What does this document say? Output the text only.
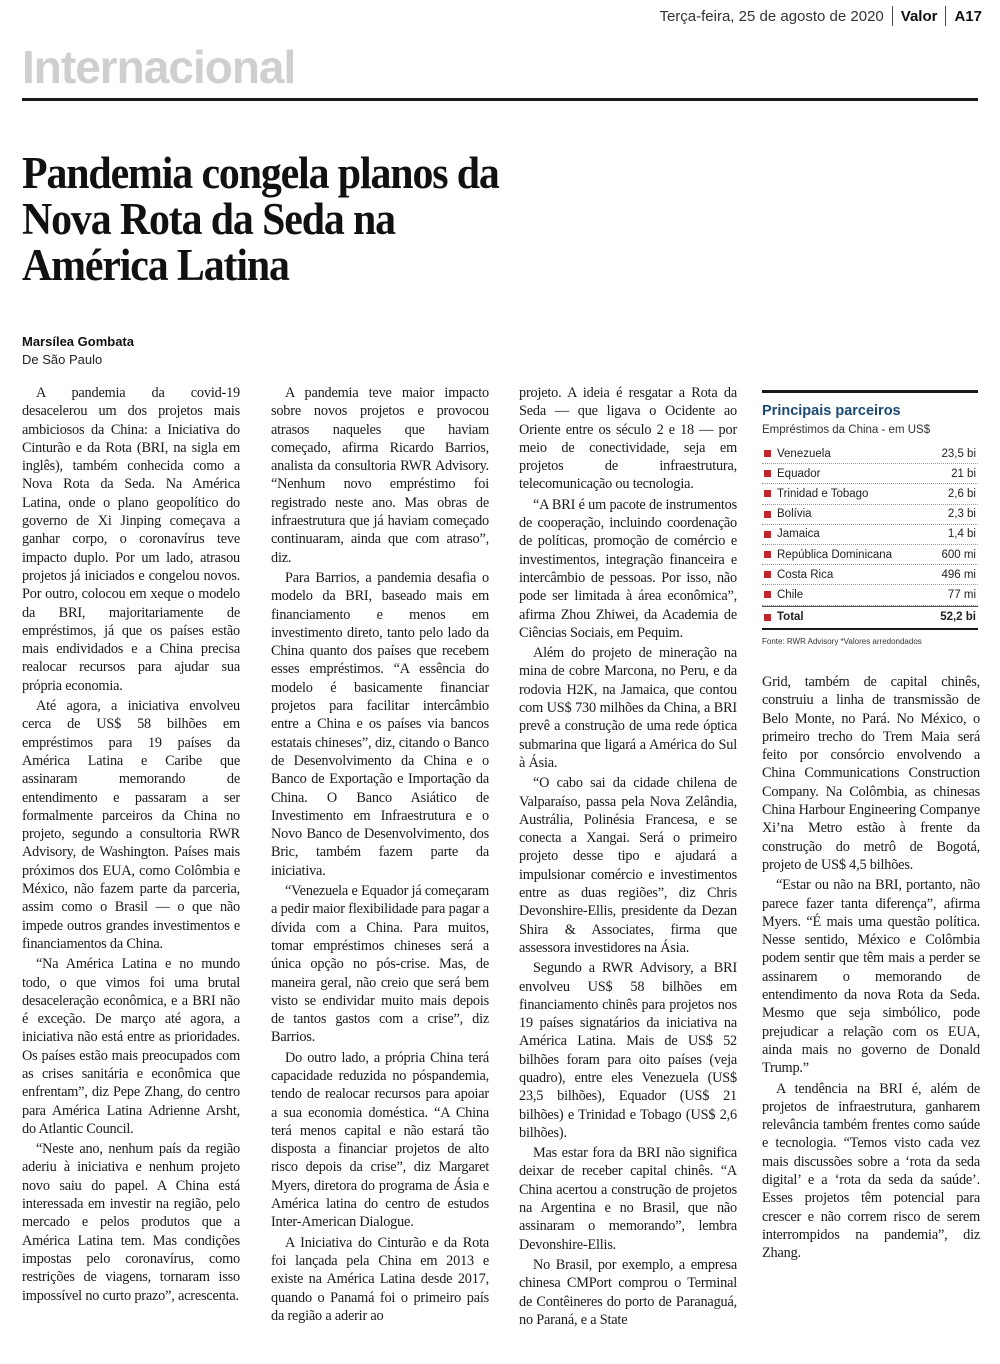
Terça-feira, 25 de agosto de 2020 Valor A17
Internacional
Pandemia congela planos da Nova Rota da Seda na América Latina
Marsílea Gombata
De São Paulo

A pandemia da covid-19 desacelerou um dos projetos mais ambiciosos da China: a Iniciativa do Cinturão e da Rota (BRI, na sigla em inglês), também conhecida como a Nova Rota da Seda. Na América Latina, onde o plano geopolítico do governo de Xi Jinping começava a ganhar corpo, o coronavírus teve impacto duplo. Por um lado, atrasou projetos já iniciados e congelou novos. Por outro, colocou em xeque o modelo da BRI, majoritariamente de empréstimos, já que os países estão mais endividados e a China precisa realocar recursos para ajudar sua própria economia.

Até agora, a iniciativa envolveu cerca de US$ 58 bilhões em empréstimos para 19 países da América Latina e Caribe que assinaram memorando de entendimento e passaram a ser formalmente parceiros da China no projeto, segundo a consultoria RWR Advisory, de Washington. Países mais próximos dos EUA, como Colômbia e México, não fazem parte da parceria, assim como o Brasil — o que não impede outros grandes investimentos e financiamentos da China.

“Na América Latina e no mundo todo, o que vimos foi uma brutal desaceleração econômica, e a BRI não é exceção. De março até agora, a iniciativa não está entre as prioridades. Os países estão mais preocupados com as crises sanitária e econômica que enfrentam”, diz Pepe Zhang, do centro para América Latina Adrienne Arsht, do Atlantic Council.

“Neste ano, nenhum país da região aderiu à iniciativa e nenhum projeto novo saiu do papel. A China está interessada em investir na região, pelo mercado e pelos produtos que a América Latina tem. Mas condições impostas pelo coronavírus, como restrições de viagens, tornaram isso impossível no curto prazo”, acrescenta.

A pandemia teve maior impacto sobre novos projetos e provocou atrasos naqueles que haviam começado, afirma Ricardo Barrios, analista da consultoria RWR Advisory. “Nenhum novo empréstimo foi registrado neste ano. Mas obras de infraestrutura que já haviam começado continuaram, ainda que com atraso”, diz.

Para Barrios, a pandemia desafia o modelo da BRI, baseado mais em financiamento e menos em investimento direto, tanto pelo lado da China quanto dos países que recebem esses empréstimos. “A essência do modelo é basicamente financiar projetos para facilitar intercâmbio entre a China e os países via bancos estatais chineses”, diz, citando o Banco de Desenvolvimento da China e o Banco de Exportação e Importação da China. O Banco Asiático de Investimento em Infraestrutura e o Novo Banco de Desenvolvimento, dos Bric, também fazem parte da iniciativa.

“Venezuela e Equador já começaram a pedir maior flexibilidade para pagar a dívida com a China. Para muitos, tomar empréstimos chineses será a única opção no pós-crise. Mas, de maneira geral, não creio que será bem visto se endividar muito mais depois de tantos gastos com a crise”, diz Barrios.

Do outro lado, a própria China terá capacidade reduzida no póspandemia, tendo de realocar recursos para apoiar a sua economia doméstica. “A China terá menos capital e não estará tão disposta a financiar projetos de alto risco depois da crise”, diz Margaret Myers, diretora do programa de Ásia e América latina do centro de estudos Inter-American Dialogue.

A Iniciativa do Cinturão e da Rota foi lançada pela China em 2013 e existe na América Latina desde 2017, quando o Panamá foi o primeiro país da região a aderir ao

projeto. A ideia é resgatar a Rota da Seda — que ligava o Ocidente ao Oriente entre os século 2 e 18 — por meio de conectividade, seja em projetos de infraestrutura, telecomunicação ou tecnologia.

“A BRI é um pacote de instrumentos de cooperação, incluindo coordenação de políticas, promoção de comércio e investimentos, integração financeira e intercâmbio de pessoas. Por isso, não pode ser limitada à área econômica”, afirma Zhou Zhiwei, da Academia de Ciências Sociais, em Pequim.

Além do projeto de mineração na mina de cobre Marcona, no Peru, e da rodovia H2K, na Jamaica, que contou com US$ 730 milhões da China, a BRI prevê a construção de uma rede óptica submarina que ligará a América do Sul à Ásia.

“O cabo sai da cidade chilena de Valparaíso, passa pela Nova Zelândia, Austrália, Polinésia Francesa, e se conecta a Xangai. Será o primeiro projeto desse tipo e ajudará a impulsionar comércio e investimentos entre as duas regiões”, diz Chris Devonshire-Ellis, presidente da Dezan Shira & Associates, firma que assessora investidores na Ásia.

Segundo a RWR Advisory, a BRI envolveu US$ 58 bilhões em financiamento chinês para projetos nos 19 países signatários da iniciativa na América Latina. Mais de US$ 52 bilhões foram para oito países (veja quadro), entre eles Venezuela (US$ 23,5 bilhões), Equador (US$ 21 bilhões) e Trinidad e Tobago (US$ 2,6 bilhões).

Mas estar fora da BRI não significa deixar de receber capital chinês. “A China acertou a construção de projetos na Argentina e no Brasil, que não assinaram o memorando”, lembra Devonshire-Ellis.

No Brasil, por exemplo, a empresa chinesa CMPort comprou o Terminal de Contêineres do porto de Paranaguá, no Paraná, e a State

Principais parceiros
Empréstimos da China - em US$
Venezuela	23,5 bi
Equador	21 bi
Trinidad e Tobago	2,6 bi
Bolívia	2,3 bi
Jamaica	1,4 bi
República Dominicana	600 mi
Costa Rica	496 mi
Chile	77 mi
Total	52,2 bi
Fonte: RWR Advisory *Valores arredondados

Grid, também de capital chinês, construiu a linha de transmissão de Belo Monte, no Pará. No México, o primeiro trecho do Trem Maia será feito por consórcio envolvendo a China Communications Construction Company. Na Colômbia, as chinesas China Harbour Engineering Companye Xi’na Metro estão à frente da construção do metrô de Bogotá, projeto de US$ 4,5 bilhões.

“Estar ou não na BRI, portanto, não parece fazer tanta diferença”, afirma Myers. “É mais uma questão política. Nesse sentido, México e Colômbia podem sentir que têm mais a perder se assinarem o memorando de entendimento da nova Rota da Seda. Mesmo que seja simbólico, pode prejudicar a relação com os EUA, ainda mais no governo de Donald Trump.”

A tendência na BRI é, além de projetos de infraestrutura, ganharem relevância também frentes como saúde e tecnologia. “Temos visto cada vez mais discussões sobre a ‘rota da seda digital’ e a ‘rota da seda da saúde’. Esses projetos têm potencial para crescer e não correm risco de serem interrompidos na pandemia”, diz Zhang.
